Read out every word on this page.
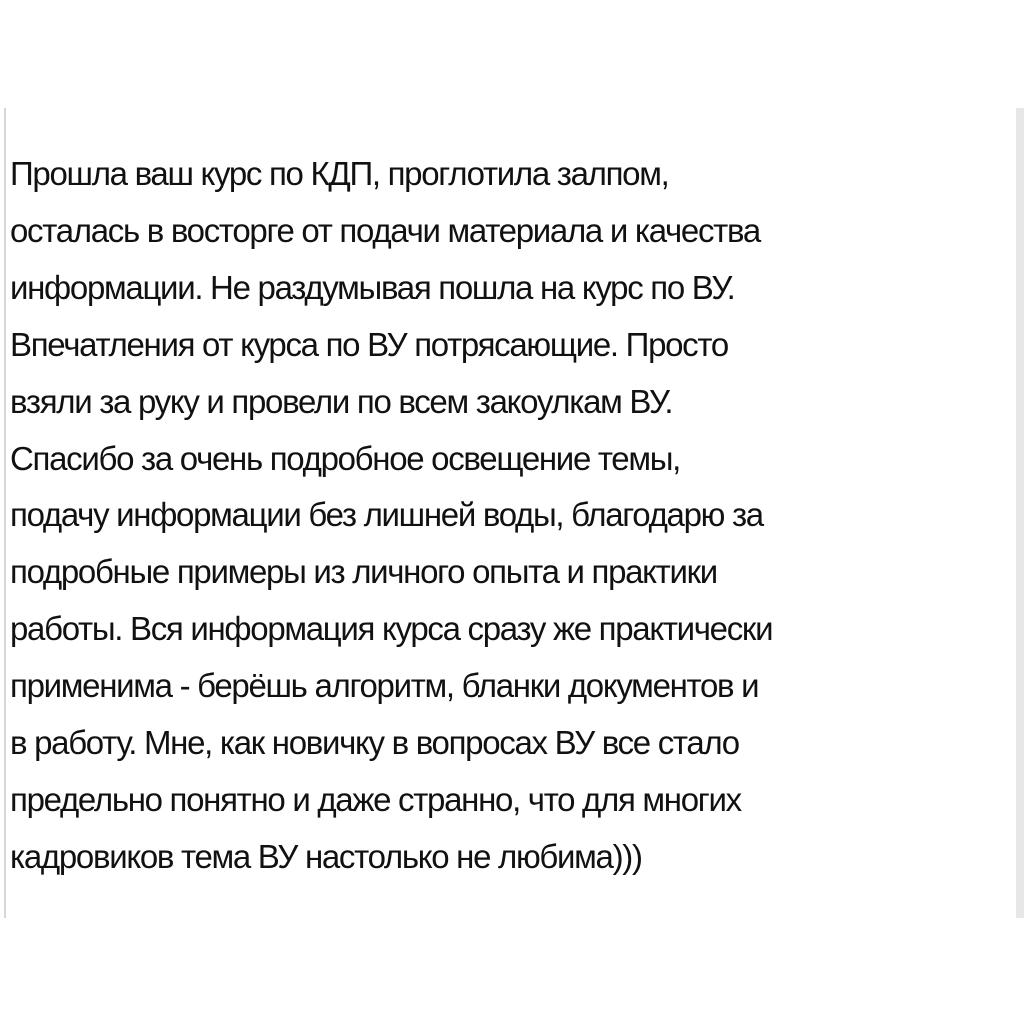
Прошла ваш курс по КДП, проглотила залпом,
осталась в восторге от подачи материала и качества
информации. Не раздумывая пошла на курс по ВУ.
Впечатления от курса по ВУ потрясающие. Просто
взяли за руку и провели по всем закоулкам ВУ.
Спасибо за очень подробное освещение темы,
подачу информации без лишней воды, благодарю за
подробные примеры из личного опыта и практики
работы. Вся информация курса сразу же практически
применима - берёшь алгоритм, бланки документов и
в работу. Мне, как новичку в вопросах ВУ все стало
предельно понятно и даже странно, что для многих
кадровиков тема ВУ настолько не любима)))
